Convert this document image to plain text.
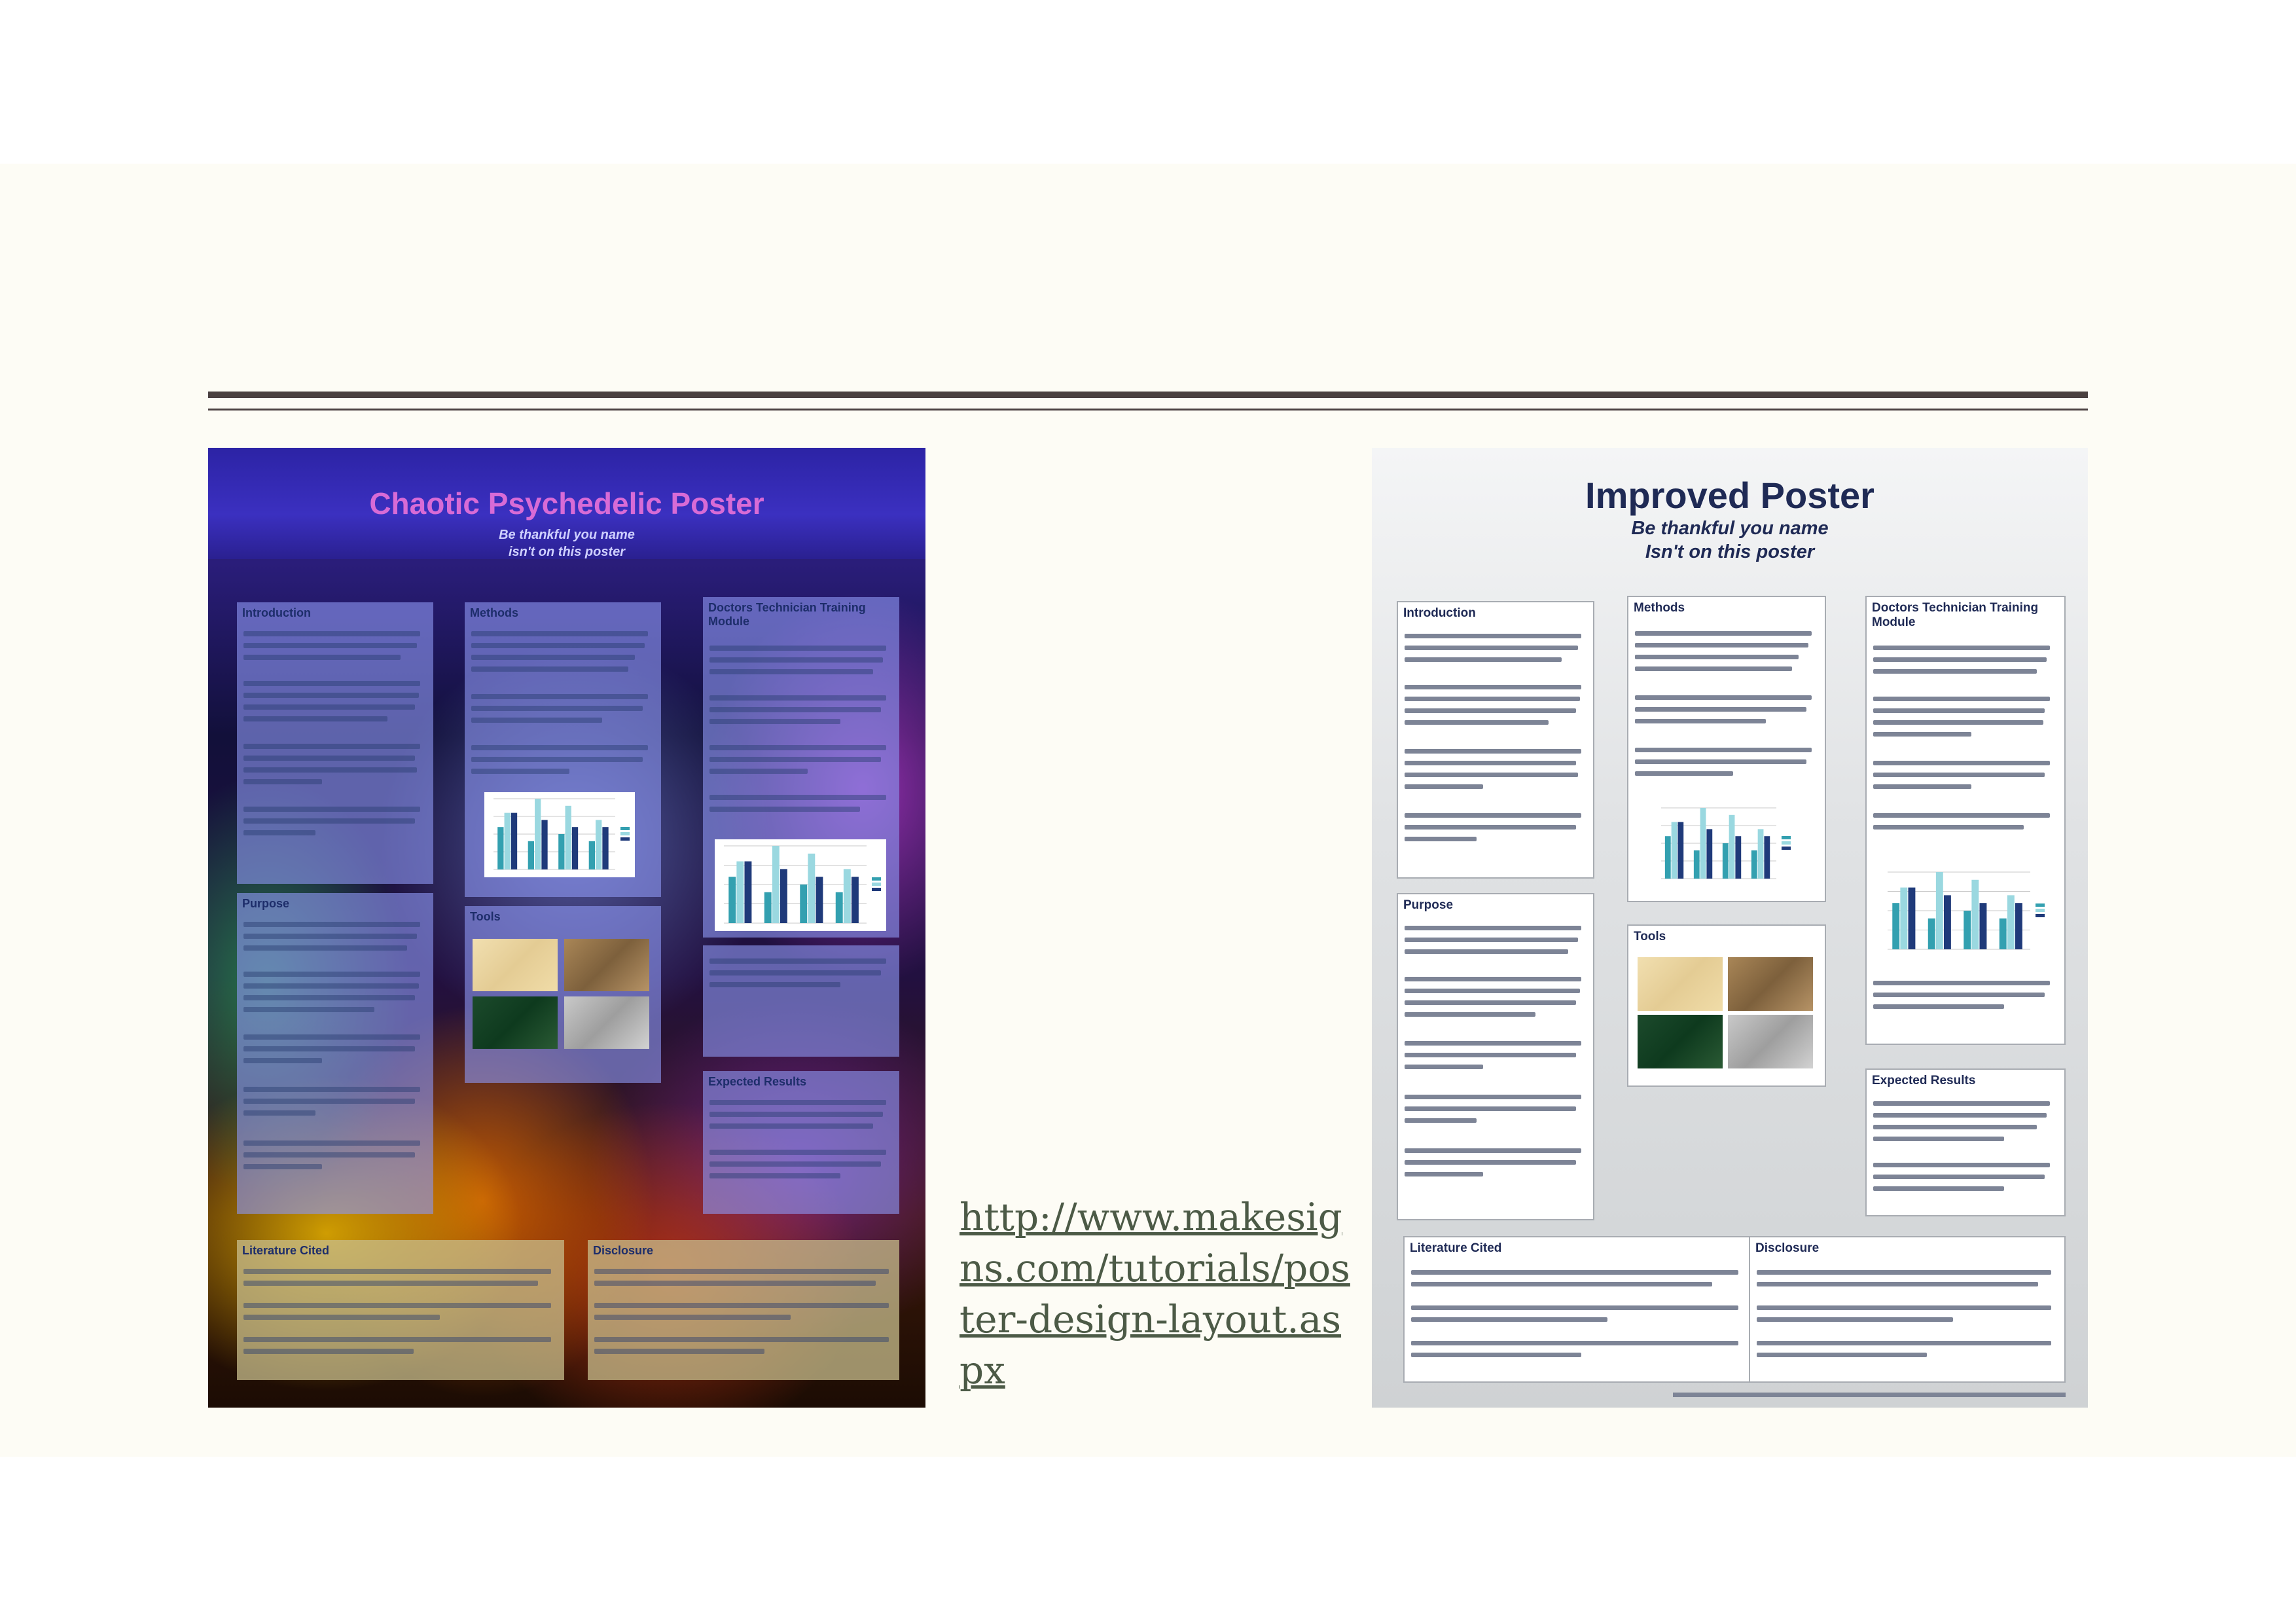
Chaotic Psychedelic Poster
Be thankful you name
isn't on this poster
Introduction
Purpose
Methods
Tools
Doctors Technician Training Module
Expected Results
Literature Cited	Disclosure
http://www.makesigns.com/tutorials/poster-design-layout.aspx
Improved Poster
Be thankful you name
Isn't on this poster
Introduction
Purpose
Methods
Tools
Doctors Technician Training Module
Expected Results
Literature Cited	Disclosure
